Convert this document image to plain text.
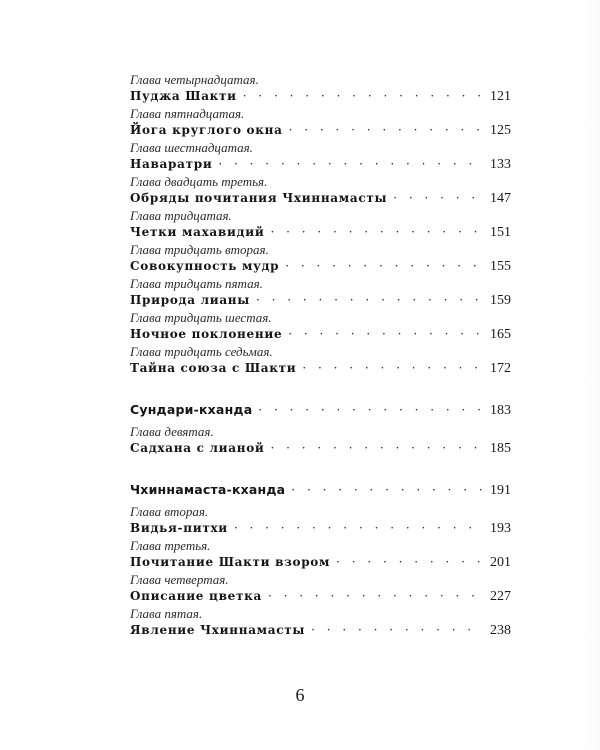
Глава четырнадцатая.
Пуджа Шакти · · ·	121
Глава пятнадцатая.
Йога круглого окна · · ·	125
Глава шестнадцатая.
Наваратри · · ·	133
Глава двадцать третья.
Обряды почитания Чхиннамасты · · ·	147
Глава тридцатая.
Четки махавидий · · ·	151
Глава тридцать вторая.
Совокупность мудр · · ·	155
Глава тридцать пятая.
Природа лианы · · ·	159
Глава тридцать шестая.
Ночное поклонение · · ·	165
Глава тридцать седьмая.
Тайна союза с Шакти · · ·	172
Сундари-кханда · · ·	183
Глава девятая.
Садхана с лианой · · ·	185
Чхиннамаста-кханда · · ·	191
Глава вторая.
Видья-питхи · · ·	193
Глава третья.
Почитание Шакти взором · · ·	201
Глава четвертая.
Описание цветка · · ·	227
Глава пятая.
Явление Чхиннамасты · · ·	238
6
